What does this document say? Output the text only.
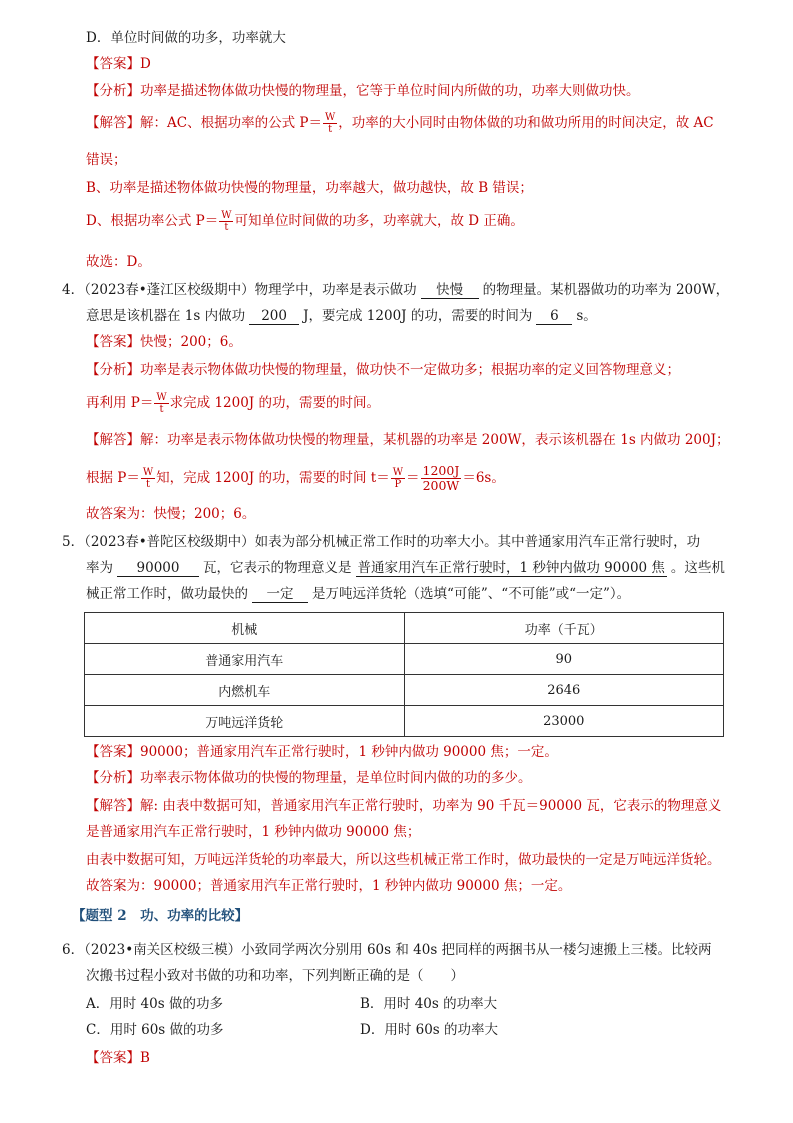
D．单位时间做的功多，功率就大
【答案】D
【分析】功率是描述物体做功快慢的物理量，它等于单位时间内所做的功，功率大则做功快。
【解答】解：AC、根据功率的公式 $P= \frac{W}{t}$ ，功率的大小同时由物体做的功和做功所用的时间决定，故 AC
错误；
B、功率是描述物体做功快慢的物理量，功率越大，做功越快，故 B 错误；
D、根据功率公式 $P= \frac{W}{t}$ 可知单位时间做的功多，功率就大，故 D 正确。
故选：D。
4．（2023春•蓬江区校级期中）物理学中，功率是表示做功 快慢 的物理量。某机器做功的功率为 200W，
意思是该机器在 1s 内做功 200 J，要完成 1200J 的功，需要的时间为 6 s。
【答案】快慢；200；6。
【分析】功率是表示物体做功快慢的物理量，做功快不一定做功多；根据功率的定义回答物理意义；
再利用 $P= \frac{W}{t}$ 求完成 1200J 的功，需要的时间。
【解答】解：功率是表示物体做功快慢的物理量，某机器的功率是 200W，表示该机器在 1s 内做功 200J；
根据 $P= \frac{W}{t}$ 知，完成 1200J 的功，需要的时间 $t= \frac{W}{P} = \frac{1200J}{200W} =6s$。
故答案为：快慢；200；6。
5．（2023春•普陀区校级期中）如表为部分机械正常工作时的功率大小。其中普通家用汽车正常行驶时，功
率为 90000 瓦，它表示的物理意义是 普通家用汽车正常行驶时，1 秒钟内做功 90000 焦 。这些机
械正常工作时，做功最快的 一定 是万吨远洋货轮（选填“可能”、“不可能”或“一定”）。
机械	功率（千瓦）
普通家用汽车	90
内燃机车	2646
万吨远洋货轮	23000
【答案】90000；普通家用汽车正常行驶时，1 秒钟内做功 90000 焦；一定。
【分析】功率表示物体做功的快慢的物理量，是单位时间内做的功的多少。
【解答】解: 由表中数据可知，普通家用汽车正常行驶时，功率为 90 千瓦＝90000 瓦，它表示的物理意义
是普通家用汽车正常行驶时，1 秒钟内做功 90000 焦；
由表中数据可知，万吨远洋货轮的功率最大，所以这些机械正常工作时，做功最快的一定是万吨远洋货轮。
故答案为：90000；普通家用汽车正常行驶时，1 秒钟内做功 90000 焦；一定。
【题型 2　功、功率的比较】
6．（2023•南关区校级三模）小致同学两次分别用 60s 和 40s 把同样的两捆书从一楼匀速搬上三楼。比较两
次搬书过程小致对书做的功和功率，下列判断正确的是（　　）
A．用时 40s 做的功多	B．用时 40s 的功率大
C．用时 60s 做的功多	D．用时 60s 的功率大
【答案】B
